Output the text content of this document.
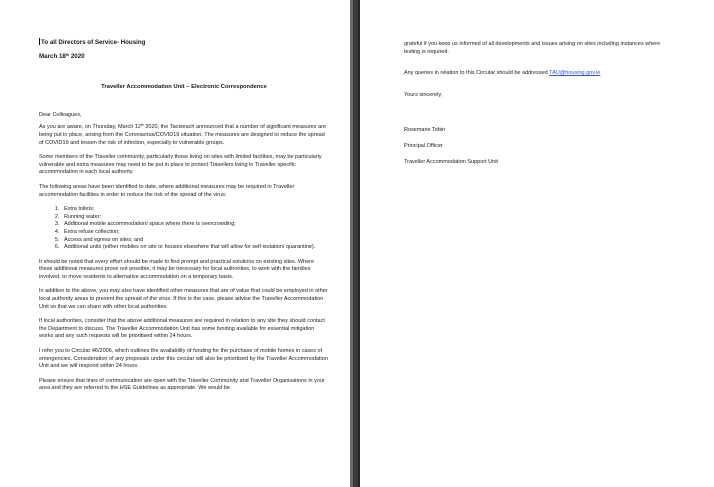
To all Directors of Service- Housing
March 18th 2020
Traveller Accommodation Unit – Electronic Correspondence
Dear Colleagues,

As you are aware, on Thursday, March 12th 2020, the Taoiseach announced that a number of significant measures are being put in place, arising from the Coronavirus/COVID19 situation. The measures are designed to reduce the spread of COVID19 and lessen the risk of infection, especially to vulnerable groups.

Some members of the Traveller community, particularly those living on sites with limited facilities, may be particularly vulnerable and extra measures may need to be put in place to protect Travellers living in Traveller specific accommodation in each local authority.

The following areas have been identified to date, where additional measures may be required in Traveller accommodation facilities in order to reduce the risk of the spread of the virus:

1. Extra toilets;
2. Running water;
3. Additional mobile accommodation/ space where there is overcrowding;
4. Extra refuse collection;
5. Access and egress on sites; and
6. Additional units (either mobiles on site or houses elsewhere that will allow for self-isolation/ quarantine).

It should be noted that every effort should be made to find prompt and practical solutions on existing sites. Where these additional measures prove not possible, it may be necessary for local authorities, to work with the families involved, to move residents to alternative accommodation on a temporary basis.

In addition to the above, you may also have identified other measures that are of value that could be employed in other local authority areas to prevent the spread of the virus. If this is the case, please advise the Traveller Accommodation Unit so that we can share with other local authorities.

If local authorities, consider that the above additional measures are required in relation to any site they should contact the Department to discuss. The Traveller Accommodation Unit has some funding available for essential mitigation works and any such requests will be prioritised within 24 hours.

I refer you to Circular 46/2006, which outlines the availability of funding for the purchase of mobile homes in cases of emergencies. Consideration of any proposals under this circular will also be prioritised by the Traveller Accommodation Unit and we will respond within 24 hours.

Please ensure that lines of communication are open with the Traveller Community and Traveller Organisations in your area and they are referred to the HSE Guidelines as appropriate. We would be

grateful if you keep us informed of all developments and issues arising on sites including instances where testing is required.

Any queries in relation to this Circular should be addressed TAU@housing.gov.ie

Yours sincerely,

Rosemarie Tobin

Principal Officer

Traveller Accommodation Support Unit
